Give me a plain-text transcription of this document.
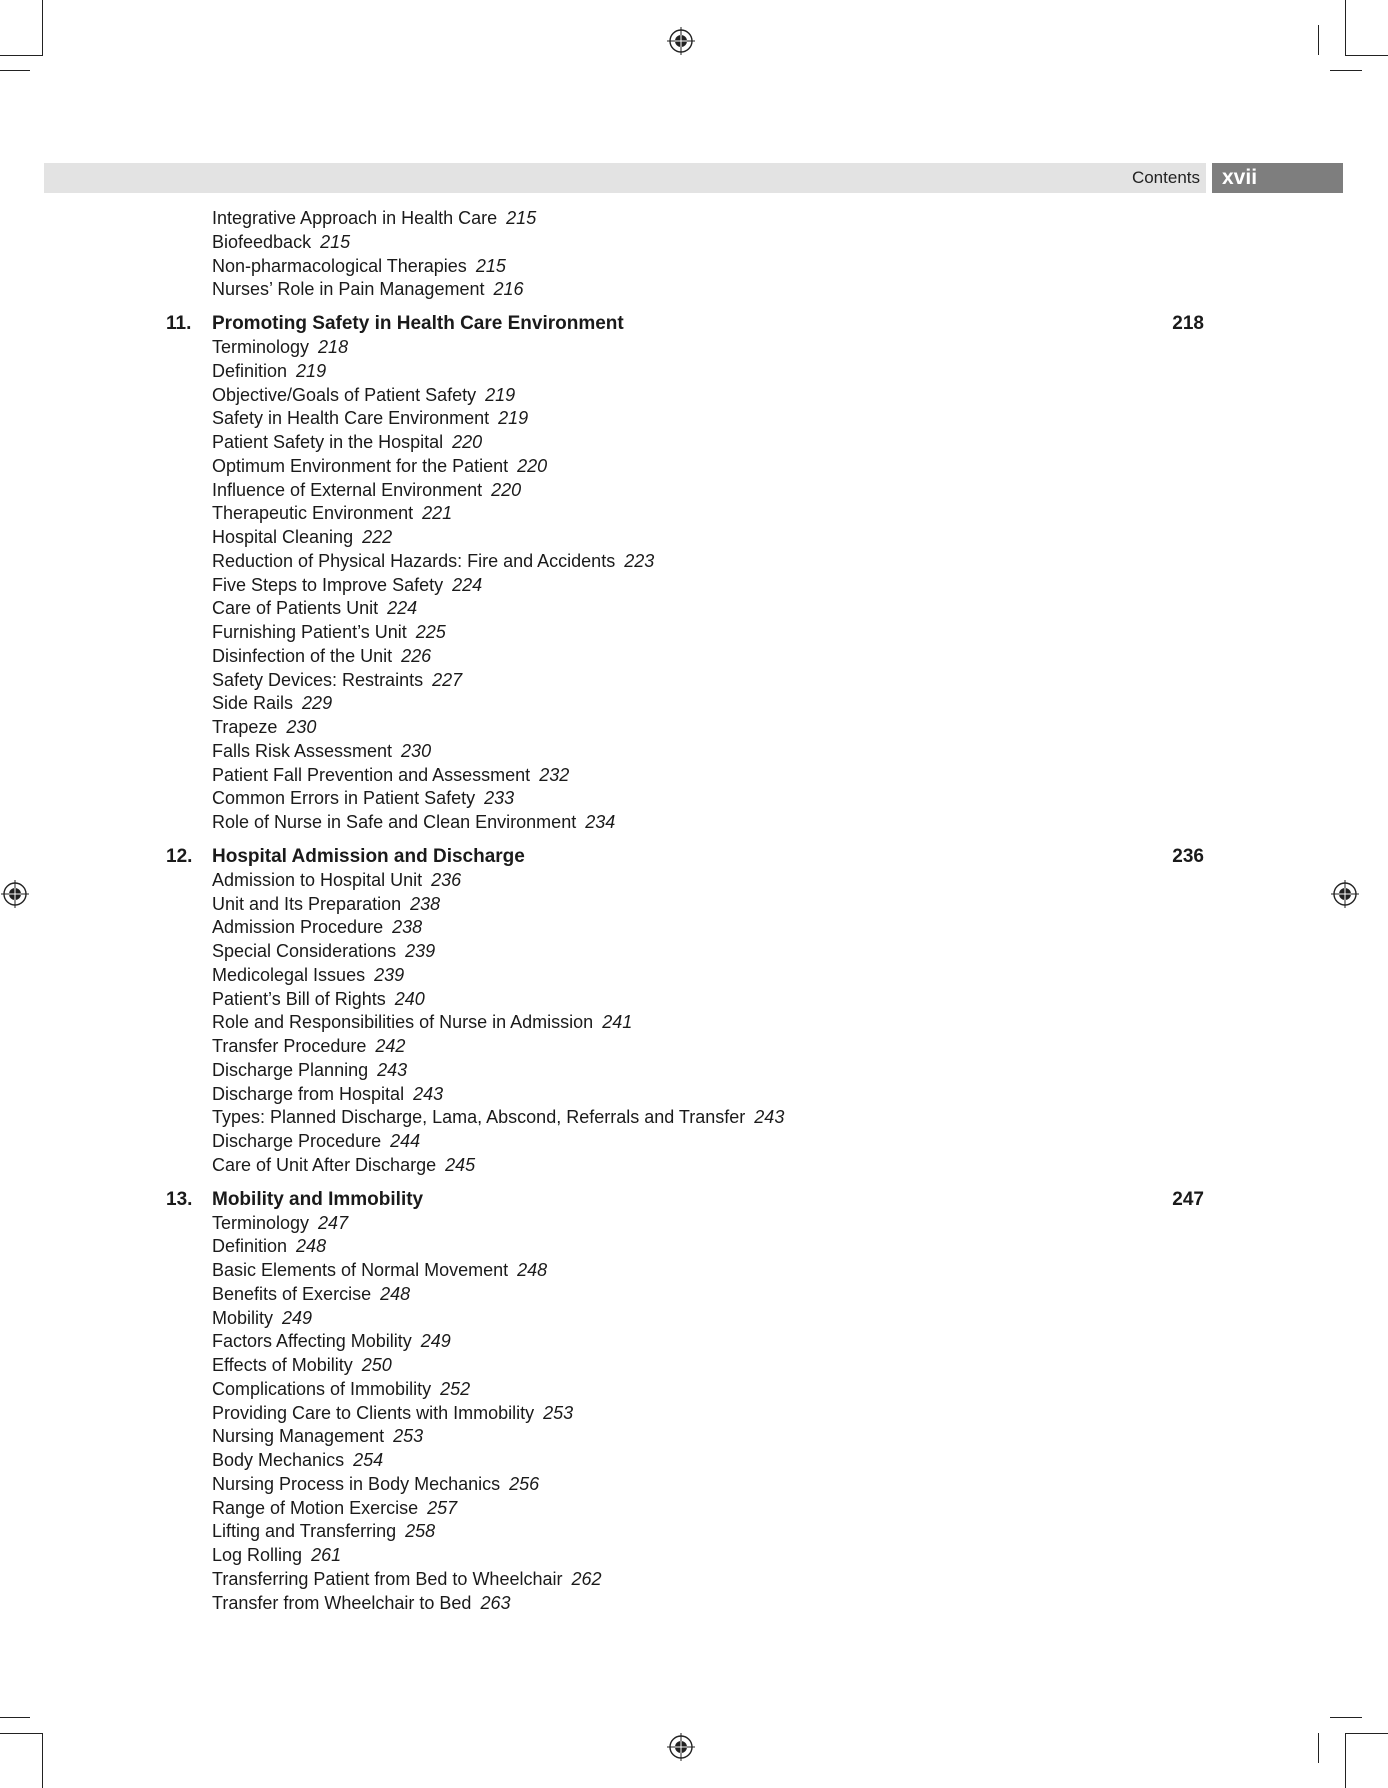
Contents xvii
Integrative Approach in Health Care 215
Biofeedback 215
Non-pharmacological Therapies 215
Nurses’ Role in Pain Management 216
11. Promoting Safety in Health Care Environment	218
Terminology 218
Definition 219
Objective/Goals of Patient Safety 219
Safety in Health Care Environment 219
Patient Safety in the Hospital 220
Optimum Environment for the Patient 220
Influence of External Environment 220
Therapeutic Environment 221
Hospital Cleaning 222
Reduction of Physical Hazards: Fire and Accidents 223
Five Steps to Improve Safety 224
Care of Patients Unit 224
Furnishing Patient’s Unit 225
Disinfection of the Unit 226
Safety Devices: Restraints 227
Side Rails 229
Trapeze 230
Falls Risk Assessment 230
Patient Fall Prevention and Assessment 232
Common Errors in Patient Safety 233
Role of Nurse in Safe and Clean Environment 234
12. Hospital Admission and Discharge	236
Admission to Hospital Unit 236
Unit and Its Preparation 238
Admission Procedure 238
Special Considerations 239
Medicolegal Issues 239
Patient’s Bill of Rights 240
Role and Responsibilities of Nurse in Admission 241
Transfer Procedure 242
Discharge Planning 243
Discharge from Hospital 243
Types: Planned Discharge, Lama, Abscond, Referrals and Transfer 243
Discharge Procedure 244
Care of Unit After Discharge 245
13. Mobility and Immobility	247
Terminology 247
Definition 248
Basic Elements of Normal Movement 248
Benefits of Exercise 248
Mobility 249
Factors Affecting Mobility 249
Effects of Mobility 250
Complications of Immobility 252
Providing Care to Clients with Immobility 253
Nursing Management 253
Body Mechanics 254
Nursing Process in Body Mechanics 256
Range of Motion Exercise 257
Lifting and Transferring 258
Log Rolling 261
Transferring Patient from Bed to Wheelchair 262
Transfer from Wheelchair to Bed 263
